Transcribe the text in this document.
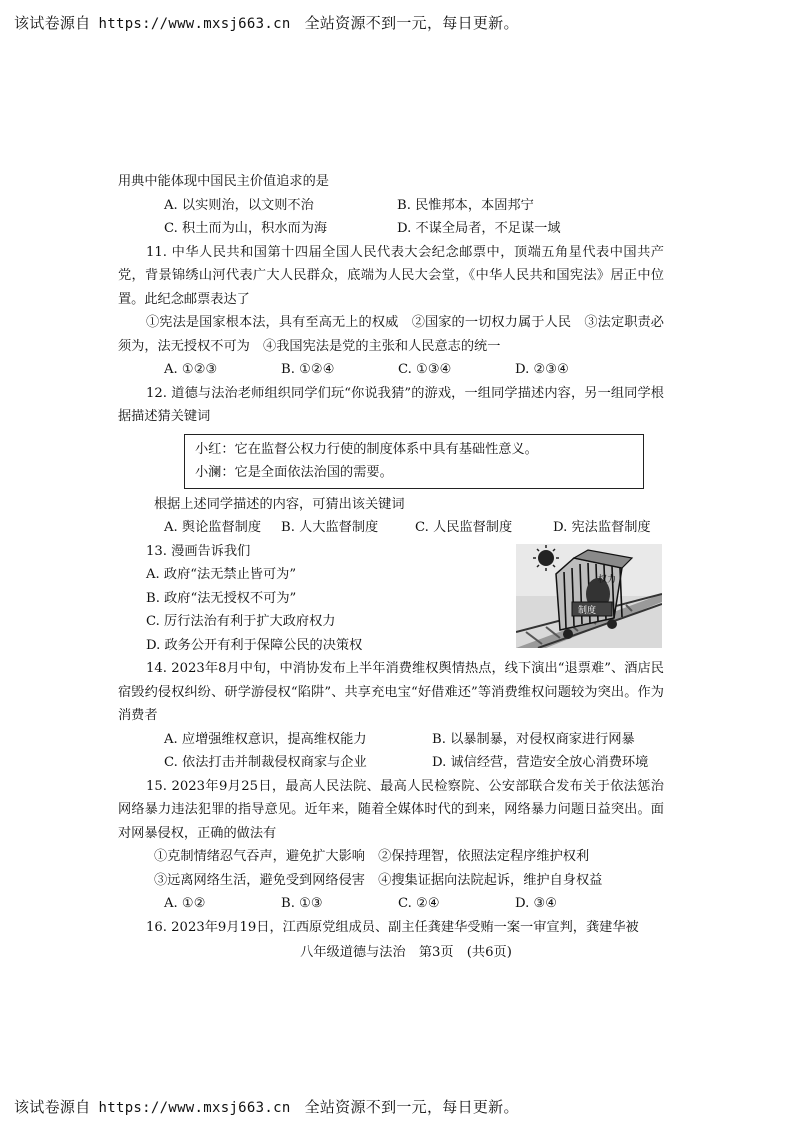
该试卷源自 https://www.mxsj663.cn 全站资源不到一元，每日更新。
用典中能体现中国民主价值追求的是
A. 以实则治，以文则不治	B. 民惟邦本，本固邦宁
C. 积土而为山，积水而为海	D. 不谋全局者，不足谋一域
11. 中华人民共和国第十四届全国人民代表大会纪念邮票中，顶端五角星代表中国共产党，背景锦绣山河代表广大人民群众，底端为人民大会堂，《中华人民共和国宪法》居正中位置。此纪念邮票表达了
①宪法是国家根本法，具有至高无上的权威　②国家的一切权力属于人民　③法定职责必须为，法无授权不可为　④我国宪法是党的主张和人民意志的统一
A. ①②③	B. ①②④	C. ①③④	D. ②③④
12. 道德与法治老师组织同学们玩“你说我猜”的游戏，一组同学描述内容，另一组同学根据描述猜关键词
小红：它在监督公权力行使的制度体系中具有基础性意义。
小澜：它是全面依法治国的需要。
根据上述同学描述的内容，可猜出该关键词
A. 舆论监督制度	B. 人大监督制度	C. 人民监督制度	D. 宪法监督制度
13. 漫画告诉我们
A. 政府“法无禁止皆可为”
B. 政府“法无授权不可为”
C. 厉行法治有利于扩大政府权力
D. 政务公开有利于保障公民的决策权
权力
制度
14. 2023年8月中旬，中消协发布上半年消费维权舆情热点，线下演出“退票难”、酒店民宿毁约侵权纠纷、研学游侵权“陷阱”、共享充电宝“好借难还”等消费维权问题较为突出。作为消费者
A. 应增强维权意识，提高维权能力	B. 以暴制暴，对侵权商家进行网暴
C. 依法打击并制裁侵权商家与企业	D. 诚信经营，营造安全放心消费环境
15. 2023年9月25日，最高人民法院、最高人民检察院、公安部联合发布关于依法惩治网络暴力违法犯罪的指导意见。近年来，随着全媒体时代的到来，网络暴力问题日益突出。面对网暴侵权，正确的做法有
①克制情绪忍气吞声，避免扩大影响　②保持理智，依照法定程序维护权利
③远离网络生活，避免受到网络侵害　④搜集证据向法院起诉，维护自身权益
A. ①②	B. ①③	C. ②④	D. ③④
16. 2023年9月19日，江西原党组成员、副主任龚建华受贿一案一审宣判，龚建华被
八年级道德与法治　第3页　(共6页)
该试卷源自 https://www.mxsj663.cn 全站资源不到一元，每日更新。
